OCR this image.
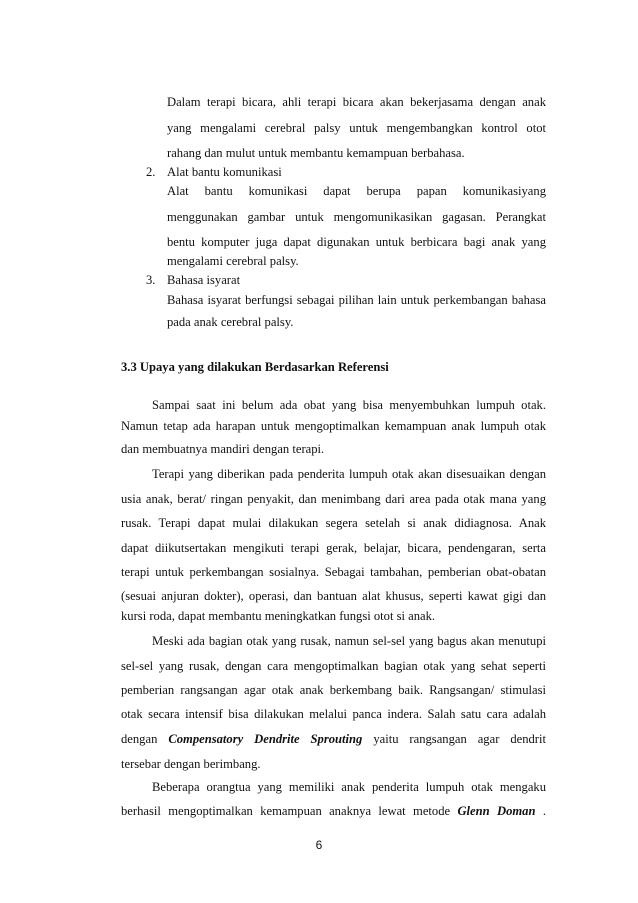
Dalam terapi bicara, ahli terapi bicara akan bekerjasama dengan anak
yang mengalami cerebral palsy untuk mengembangkan kontrol otot
rahang dan mulut untuk membantu kemampuan berbahasa.
2. Alat bantu komunikasi
Alat bantu komunikasi dapat berupa papan komunikasiyang
menggunakan gambar untuk mengomunikasikan gagasan. Perangkat
bentu komputer juga dapat digunakan untuk berbicara bagi anak yang
mengalami cerebral palsy.
3. Bahasa isyarat
Bahasa isyarat berfungsi sebagai pilihan lain untuk perkembangan bahasa
pada anak cerebral palsy.
3.3 Upaya yang dilakukan Berdasarkan Referensi
Sampai saat ini belum ada obat yang bisa menyembuhkan lumpuh otak.
Namun tetap ada harapan untuk mengoptimalkan kemampuan anak lumpuh otak
dan membuatnya mandiri dengan terapi.
Terapi yang diberikan pada penderita lumpuh otak akan disesuaikan dengan
usia anak, berat/ ringan penyakit, dan menimbang dari area pada otak mana yang
rusak. Terapi dapat mulai dilakukan segera setelah si anak didiagnosa. Anak
dapat diikutsertakan mengikuti terapi gerak, belajar, bicara, pendengaran, serta
terapi untuk perkembangan sosialnya. Sebagai tambahan, pemberian obat-obatan
(sesuai anjuran dokter), operasi, dan bantuan alat khusus, seperti kawat gigi dan
kursi roda, dapat membantu meningkatkan fungsi otot si anak.
Meski ada bagian otak yang rusak, namun sel-sel yang bagus akan menutupi
sel-sel yang rusak, dengan cara mengoptimalkan bagian otak yang sehat seperti
pemberian rangsangan agar otak anak berkembang baik. Rangsangan/ stimulasi
otak secara intensif bisa dilakukan melalui panca indera. Salah satu cara adalah
dengan Compensatory Dendrite Sprouting yaitu rangsangan agar dendrit
tersebar dengan berimbang.
Beberapa orangtua yang memiliki anak penderita lumpuh otak mengaku
berhasil mengoptimalkan kemampuan anaknya lewat metode Glenn Doman .
6
